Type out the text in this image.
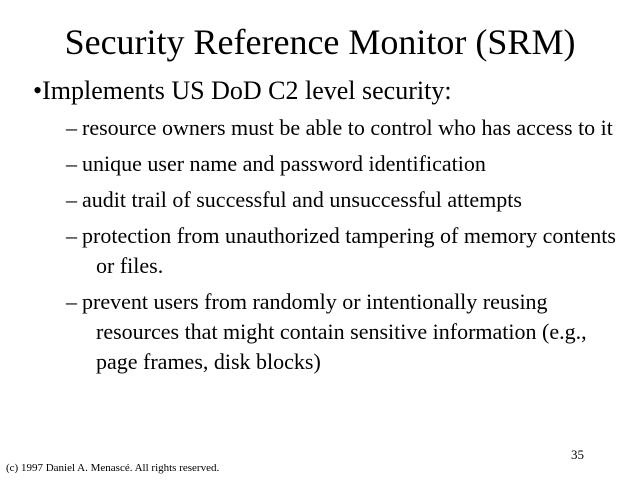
Security Reference Monitor (SRM)
•Implements US DoD C2 level security:
– resource owners must be able to control who has access to it
– unique user name and password identification
– audit trail of successful and unsuccessful attempts
– protection from unauthorized tampering of memory contents or files.
– prevent users from randomly or intentionally reusing resources that might contain sensitive information (e.g., page frames, disk blocks)
35
(c) 1997 Daniel A. Menascé. All rights reserved.
